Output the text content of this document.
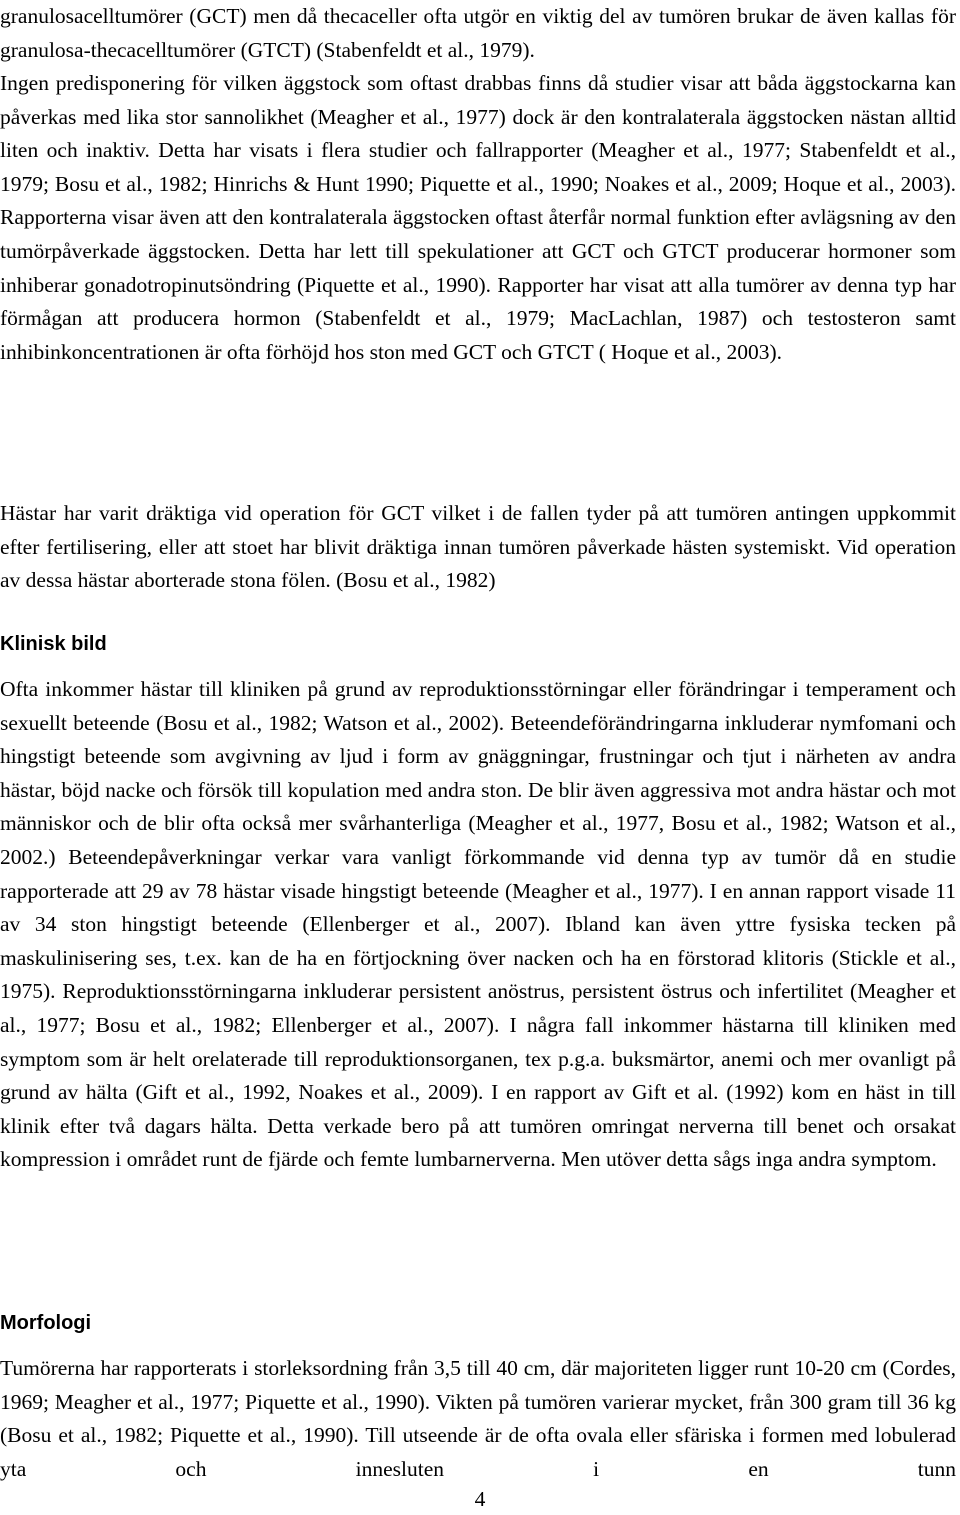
granulosacelltumörer (GCT) men då thecaceller ofta utgör en viktig del av tumören brukar de även kallas för granulosa-thecacelltumörer (GTCT) (Stabenfeldt et al., 1979).

Ingen predisponering för vilken äggstock som oftast drabbas finns då studier visar att båda äggstockarna kan påverkas med lika stor sannolikhet (Meagher et al., 1977) dock är den kontralaterala äggstocken nästan alltid liten och inaktiv. Detta har visats i flera studier och fallrapporter (Meagher et al., 1977; Stabenfeldt et al., 1979; Bosu et al., 1982; Hinrichs & Hunt 1990; Piquette et al., 1990; Noakes et al., 2009; Hoque et al., 2003). Rapporterna visar även att den kontralaterala äggstocken oftast återfår normal funktion efter avlägsning av den tumörpåverkade äggstocken. Detta har lett till spekulationer att GCT och GTCT producerar hormoner som inhiberar gonadotropinutsöndring (Piquette et al., 1990). Rapporter har visat att alla tumörer av denna typ har förmågan att producera hormon (Stabenfeldt et al., 1979; MacLachlan, 1987) och testosteron samt inhibinkoncentrationen är ofta förhöjd hos ston med GCT och GTCT ( Hoque et al., 2003).

Hästar har varit dräktiga vid operation för GCT vilket i de fallen tyder på att tumören antingen uppkommit efter fertilisering, eller att stoet har blivit dräktiga innan tumören påverkade hästen systemiskt. Vid operation av dessa hästar aborterade stona fölen. (Bosu et al., 1982)

Klinisk bild

Ofta inkommer hästar till kliniken på grund av reproduktionsstörningar eller förändringar i temperament och sexuellt beteende (Bosu et al., 1982; Watson et al., 2002). Beteendeförändringarna inkluderar nymfomani och hingstigt beteende som avgivning av ljud i form av gnäggningar, frustningar och tjut i närheten av andra hästar, böjd nacke och försök till kopulation med andra ston. De blir även aggressiva mot andra hästar och mot människor och de blir ofta också mer svårhanterliga (Meagher et al., 1977, Bosu et al., 1982; Watson et al., 2002.) Beteendepåverkningar verkar vara vanligt förkommande vid denna typ av tumör då en studie rapporterade att 29 av 78 hästar visade hingstigt beteende (Meagher et al., 1977). I en annan rapport visade 11 av 34 ston hingstigt beteende (Ellenberger et al., 2007). Ibland kan även yttre fysiska tecken på maskulinisering ses, t.ex. kan de ha en förtjockning över nacken och ha en förstorad klitoris (Stickle et al., 1975). Reproduktionsstörningarna inkluderar persistent anöstrus, persistent östrus och infertilitet (Meagher et al., 1977; Bosu et al., 1982; Ellenberger et al., 2007). I några fall inkommer hästarna till kliniken med symptom som är helt orelaterade till reproduktionsorganen, tex p.g.a. buksmärtor, anemi och mer ovanligt på grund av hälta (Gift et al., 1992, Noakes et al., 2009). I en rapport av Gift et al. (1992) kom en häst in till klinik efter två dagars hälta. Detta verkade bero på att tumören omringat nerverna till benet och orsakat kompression i området runt de fjärde och femte lumbarnerverna. Men utöver detta sågs inga andra symptom.

Morfologi

Tumörerna har rapporterats i storleksordning från 3,5 till 40 cm, där majoriteten ligger runt 10-20 cm (Cordes, 1969; Meagher et al., 1977; Piquette et al., 1990). Vikten på tumören varierar mycket, från 300 gram till 36 kg (Bosu et al., 1982; Piquette et al., 1990). Till utseende är de ofta ovala eller sfäriska i formen med lobulerad yta och innesluten i en tunn

4
